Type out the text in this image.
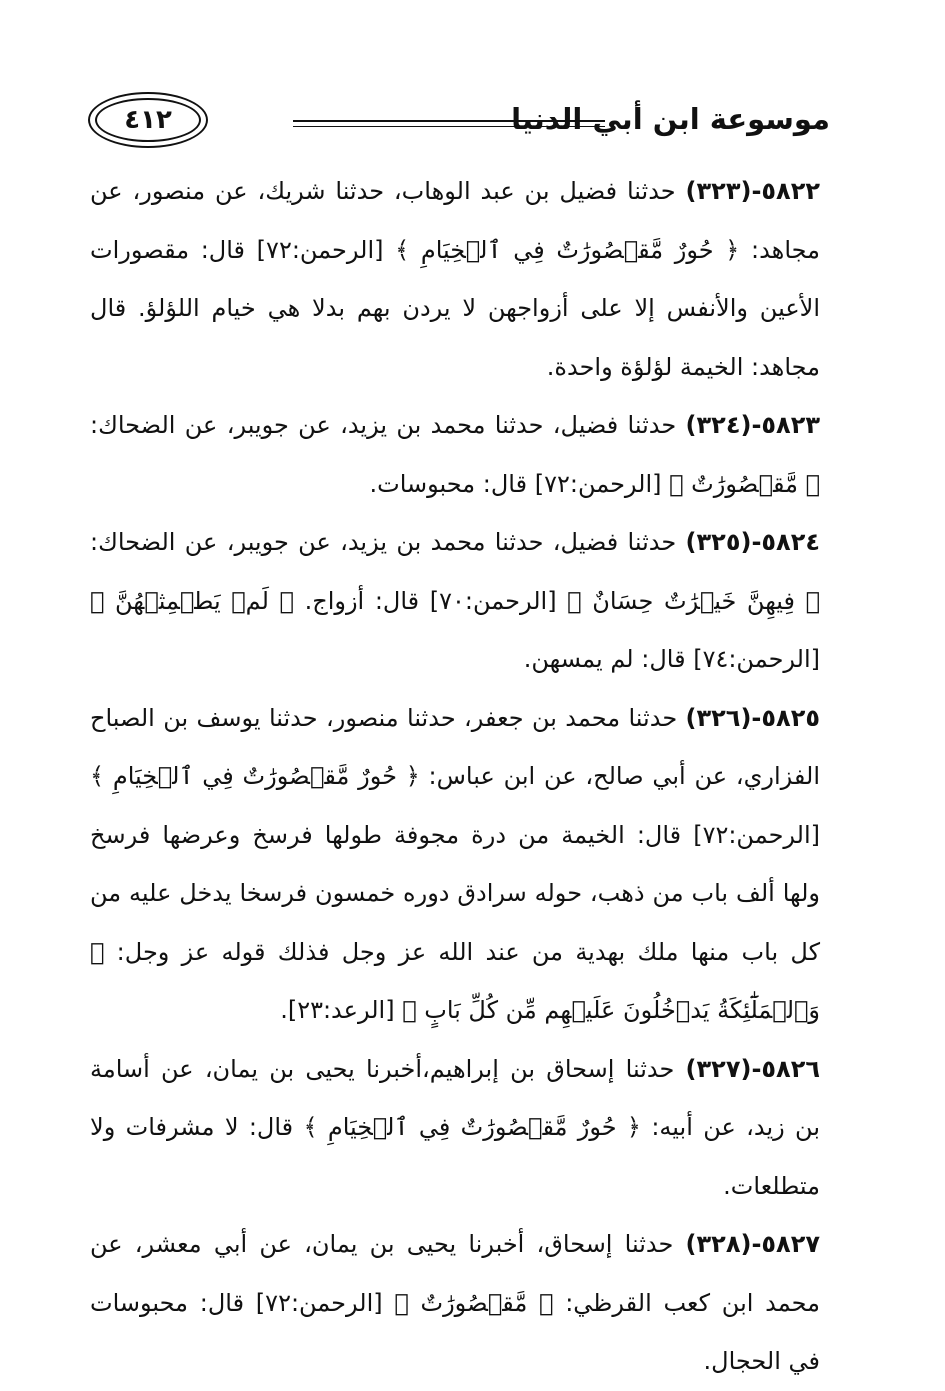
موسوعة ابن أبي الدنيا
٤١٢

٥٨٢٢-(٣٢٣) حدثنا فضيل بن عبد الوهاب، حدثنا شريك، عن منصور، عن مجاهد: ﴿ حُورٌ مَّقۡصُورَٰتٌ فِي ٱلۡخِيَامِ ﴾ [الرحمن:٧٢] قال: مقصورات الأعين والأنفس إلا على أزواجهن لا يردن بهم بدلا هي خيام اللؤلؤ. قال مجاهد: الخيمة لؤلؤة واحدة.

٥٨٢٣-(٣٢٤) حدثنا فضيل، حدثنا محمد بن يزيد، عن جويبر، عن الضحاك: ﴿ مَّقۡصُورَٰتٌ ﴾ [الرحمن:٧٢] قال: محبوسات.

٥٨٢٤-(٣٢٥) حدثنا فضيل، حدثنا محمد بن يزيد، عن جويبر، عن الضحاك: ﴿ فِيهِنَّ خَيۡرَٰتٌ حِسَانٌ ﴾ [الرحمن:٧٠] قال: أزواج. ﴿ لَمۡ يَطۡمِثۡهُنَّ ﴾ [الرحمن:٧٤] قال: لم يمسهن.

٥٨٢٥-(٣٢٦) حدثنا محمد بن جعفر، حدثنا منصور، حدثنا يوسف بن الصباح الفزاري، عن أبي صالح، عن ابن عباس: ﴿ حُورٌ مَّقۡصُورَٰتٌ فِي ٱلۡخِيَامِ ﴾ [الرحمن:٧٢] قال: الخيمة من درة مجوفة طولها فرسخ وعرضها فرسخ ولها ألف باب من ذهب، حوله سرادق دوره خمسون فرسخا يدخل عليه من كل باب منها ملك بهدية من عند الله عز وجل فذلك قوله عز وجل: ﴿ وَٱلۡمَلَٰٓئِكَةُ يَدۡخُلُونَ عَلَيۡهِم مِّن كُلِّ بَابٍ ﴾ [الرعد:٢٣].

٥٨٢٦-(٣٢٧) حدثنا إسحاق بن إبراهيم،أخبرنا يحيى بن يمان، عن أسامة بن زيد، عن أبيه: ﴿ حُورٌ مَّقۡصُورَٰتٌ فِي ٱلۡخِيَامِ ﴾ قال: لا مشرفات ولا متطلعات.

٥٨٢٧-(٣٢٨) حدثنا إسحاق، أخبرنا يحيى بن يمان، عن أبي معشر، عن محمد ابن كعب القرظي: ﴿ مَّقۡصُورَٰتٌ ﴾ [الرحمن:٧٢] قال: محبوسات في الحجال.
